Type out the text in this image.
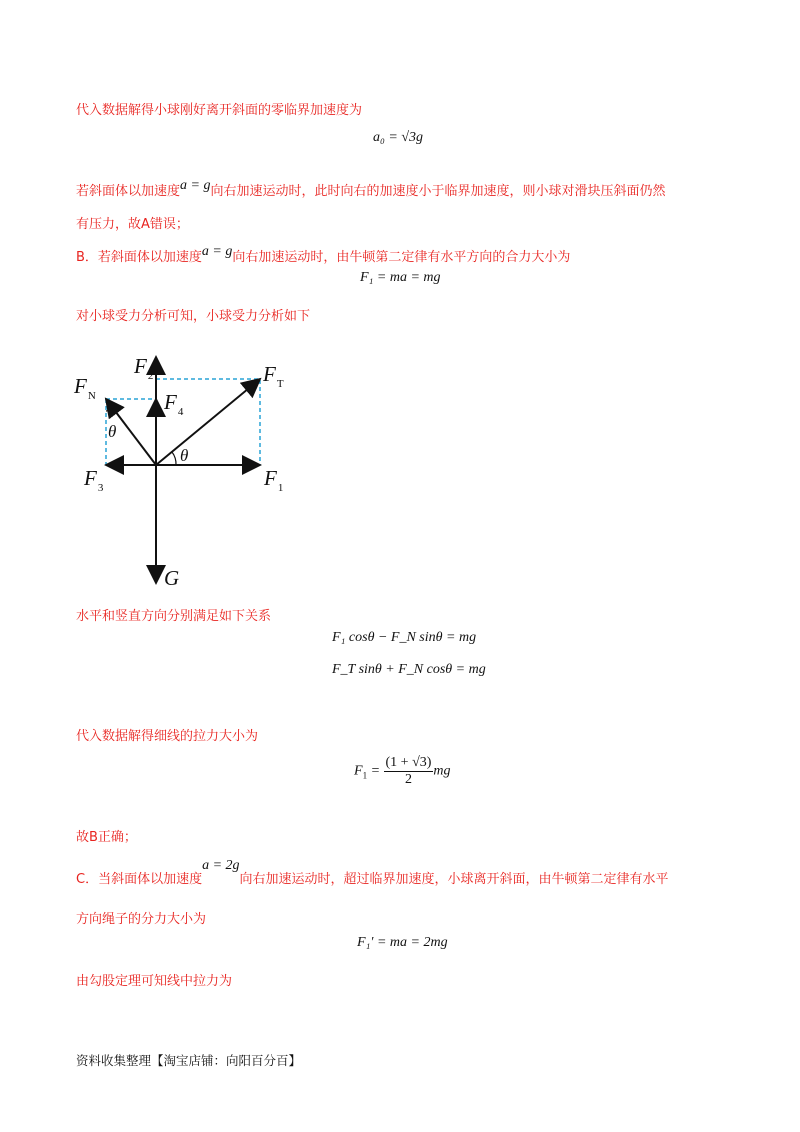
代入数据解得小球刚好离开斜面的零临界加速度为
a₀ = √3g
若斜面体以加速度a = g向右加速运动时，此时向右的加速度小于临界加速度，则小球对滑块压斜面仍然
有压力，故A错误；
B．若斜面体以加速度a = g向右加速运动时，由牛顿第二定律有水平方向的合力大小为
F₁ = ma = mg
对小球受力分析可知，小球受力分析如下
$F_N$
$F_2$	$F_T$
$F_4$
$F_3$	$F_1$
G
θ
θ
水平和竖直方向分别满足如下关系
F₁ cosθ − F_N sinθ = mg
F_T sinθ + F_N cosθ = mg
代入数据解得细线的拉力大小为
$F_1 = \frac{(1 + √3)}{2}$ mg
故B正确；
C．当斜面体以加速度a = 2g向右加速运动时，超过临界加速度，小球离开斜面，由牛顿第二定律有水平
方向绳子的分力大小为
F₁′ = ma = 2mg
由勾股定理可知线中拉力为
资料收集整理【淘宝店铺：向阳百分百】
